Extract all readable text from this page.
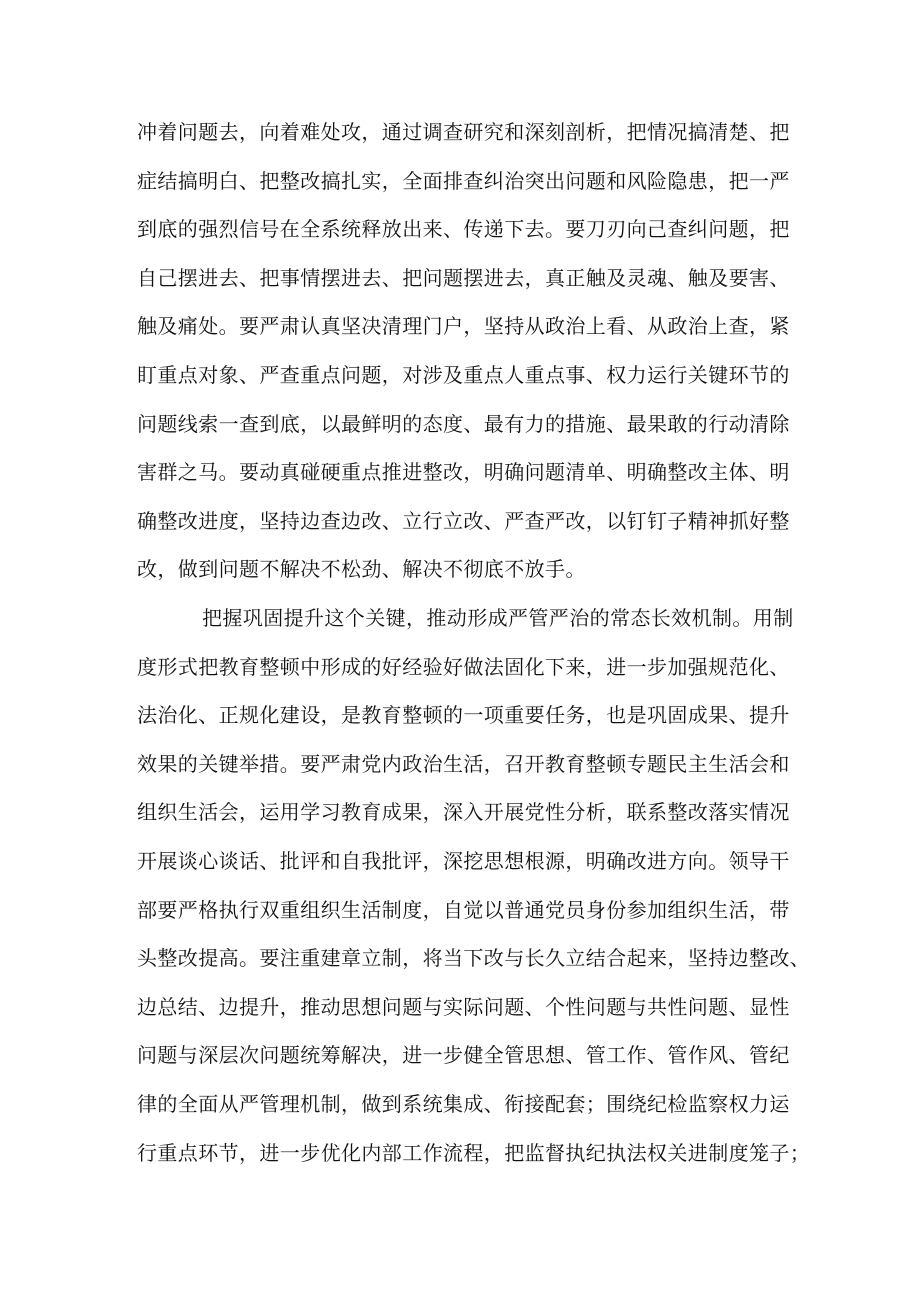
冲着问题去，向着难处攻，通过调查研究和深刻剖析，把情况搞清楚、把
症结搞明白、把整改搞扎实，全面排查纠治突出问题和风险隐患，把一严
到底的强烈信号在全系统释放出来、传递下去。要刀刃向己查纠问题，把
自己摆进去、把事情摆进去、把问题摆进去，真正触及灵魂、触及要害、
触及痛处。要严肃认真坚决清理门户，坚持从政治上看、从政治上查，紧
盯重点对象、严查重点问题，对涉及重点人重点事、权力运行关键环节的
问题线索一查到底，以最鲜明的态度、最有力的措施、最果敢的行动清除
害群之马。要动真碰硬重点推进整改，明确问题清单、明确整改主体、明
确整改进度，坚持边查边改、立行立改、严查严改，以钉钉子精神抓好整
改，做到问题不解决不松劲、解决不彻底不放手。
把握巩固提升这个关键，推动形成严管严治的常态长效机制。用制
度形式把教育整顿中形成的好经验好做法固化下来，进一步加强规范化、
法治化、正规化建设，是教育整顿的一项重要任务，也是巩固成果、提升
效果的关键举措。要严肃党内政治生活，召开教育整顿专题民主生活会和
组织生活会，运用学习教育成果，深入开展党性分析，联系整改落实情况
开展谈心谈话、批评和自我批评，深挖思想根源，明确改进方向。领导干
部要严格执行双重组织生活制度，自觉以普通党员身份参加组织生活，带
头整改提高。要注重建章立制，将当下改与长久立结合起来，坚持边整改、
边总结、边提升，推动思想问题与实际问题、个性问题与共性问题、显性
问题与深层次问题统筹解决，进一步健全管思想、管工作、管作风、管纪
律的全面从严管理机制，做到系统集成、衔接配套；围绕纪检监察权力运
行重点环节，进一步优化内部工作流程，把监督执纪执法权关进制度笼子；
